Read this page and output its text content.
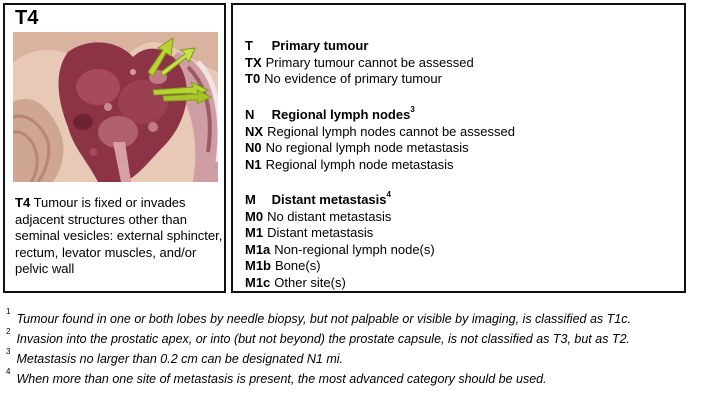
T4
T4 Tumour is fixed or invades adjacent structures other than seminal vesicles: external sphincter, rectum, levator muscles, and/or pelvic wall
T Primary tumour
TX Primary tumour cannot be assessed
T0 No evidence of primary tumour
N Regional lymph nodes$^3$
NX Regional lymph nodes cannot be assessed
N0 No regional lymph node metastasis
N1 Regional lymph node metastasis
M Distant metastasis$^4$
M0 No distant metastasis
M1 Distant metastasis
M1a Non-regional lymph node(s)
M1b Bone(s)
M1c Other site(s)
$^1$Tumour found in one or both lobes by needle biopsy, but not palpable or visible by imaging, is classified as T1c.
$^2$Invasion into the prostatic apex, or into (but not beyond) the prostate capsule, is not classified as T3, but as T2.
$^3$Metastasis no larger than 0.2 cm can be designated N1 mi.
$^4$When more than one site of metastasis is present, the most advanced category should be used.
